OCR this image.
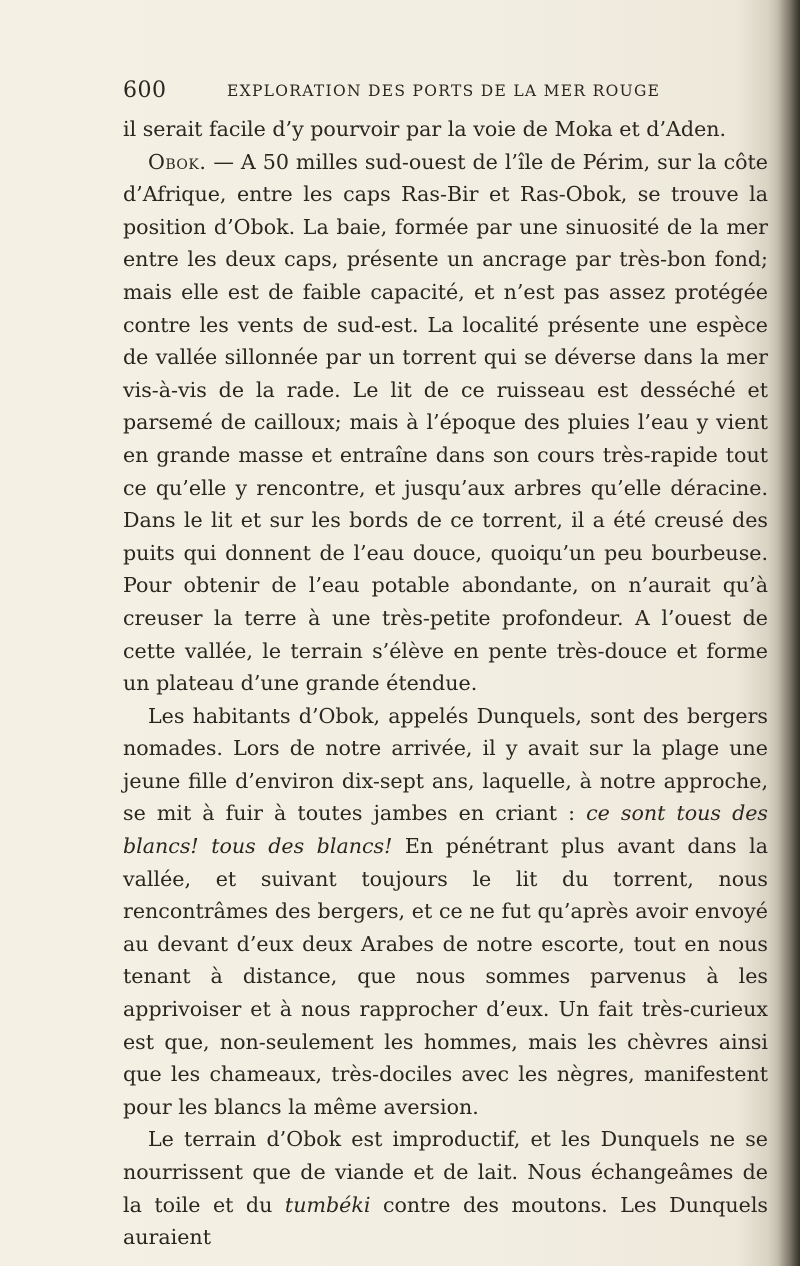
600	EXPLORATION DES PORTS DE LA MER ROUGE

il serait facile d’y pourvoir par la voie de Moka et d’Aden.

Obok. — A 50 milles sud-ouest de l’île de Périm, sur la côte d’Afrique, entre les caps Ras-Bir et Ras-Obok, se trouve la position d’Obok. La baie, formée par une sinuosité de la mer entre les deux caps, présente un ancrage par très-bon fond; mais elle est de faible capacité, et n’est pas assez protégée contre les vents de sud-est. La localité présente une espèce de vallée sillonnée par un torrent qui se déverse dans la mer vis-à-vis de la rade. Le lit de ce ruisseau est desséché et parsemé de cailloux; mais à l’époque des pluies l’eau y vient en grande masse et entraîne dans son cours très-rapide tout ce qu’elle y rencontre, et jusqu’aux arbres qu’elle déracine. Dans le lit et sur les bords de ce torrent, il a été creusé des puits qui donnent de l’eau douce, quoiqu’un peu bourbeuse. Pour obtenir de l’eau potable abondante, on n’aurait qu’à creuser la terre à une très-petite profondeur. A l’ouest de cette vallée, le terrain s’élève en pente très-douce et forme un plateau d’une grande étendue.

Les habitants d’Obok, appelés Dunquels, sont des bergers nomades. Lors de notre arrivée, il y avait sur la plage une jeune fille d’environ dix-sept ans, laquelle, à notre approche, se mit à fuir à toutes jambes en criant : ce sont tous des blancs! tous des blancs! En pénétrant plus avant dans la vallée, et suivant toujours le lit du torrent, nous rencontrâmes des bergers, et ce ne fut qu’après avoir envoyé au devant d’eux deux Arabes de notre escorte, tout en nous tenant à distance, que nous sommes parvenus à les apprivoiser et à nous rapprocher d’eux. Un fait très-curieux est que, non-seulement les hommes, mais les chèvres ainsi que les chameaux, très-dociles avec les nègres, manifestent pour les blancs la même aversion.

Le terrain d’Obok est improductif, et les Dunquels ne se nourrissent que de viande et de lait. Nous échangeâmes de la toile et du tumbéki contre des moutons. Les Dunquels auraient
